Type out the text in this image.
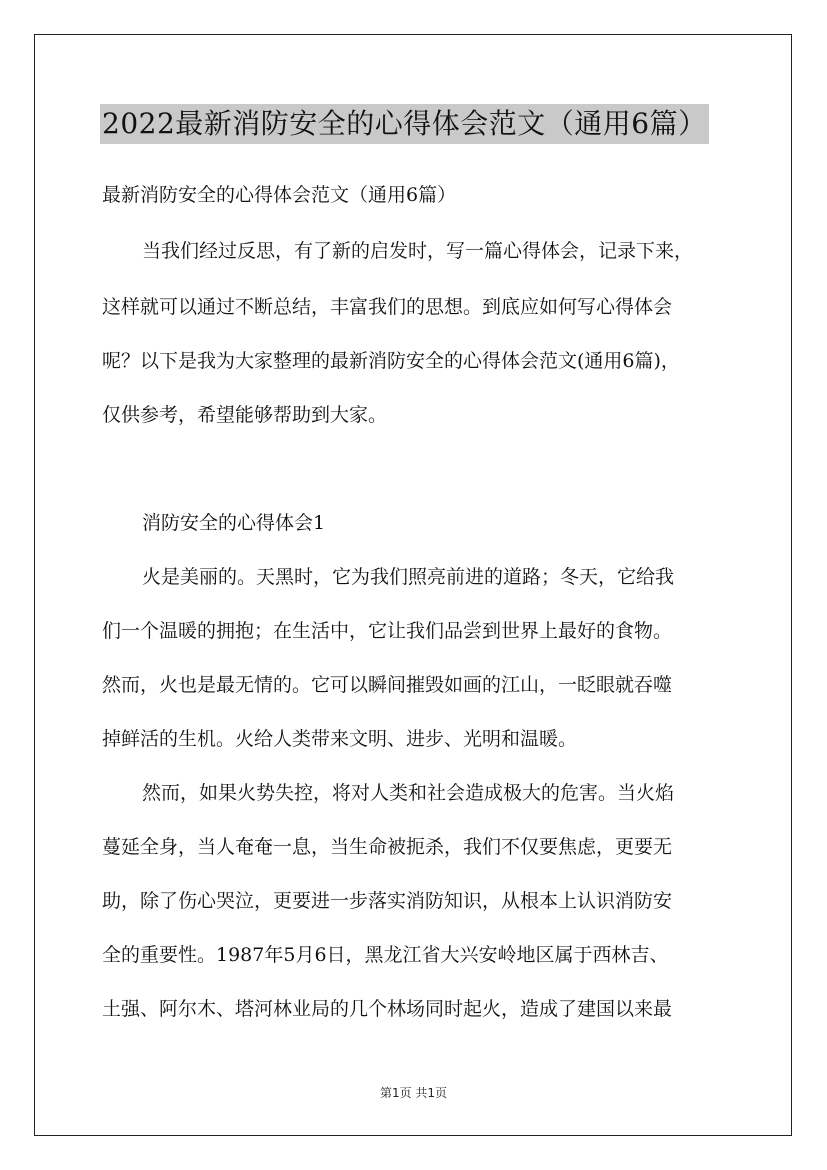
2022最新消防安全的心得体会范文（通用6篇）
最新消防安全的心得体会范文（通用6篇）
当我们经过反思，有了新的启发时，写一篇心得体会，记录下来，
这样就可以通过不断总结，丰富我们的思想。到底应如何写心得体会
呢？以下是我为大家整理的最新消防安全的心得体会范文(通用6篇)，
仅供参考，希望能够帮助到大家。
消防安全的心得体会1
火是美丽的。天黑时，它为我们照亮前进的道路；冬天，它给我
们一个温暖的拥抱；在生活中，它让我们品尝到世界上最好的食物。
然而，火也是最无情的。它可以瞬间摧毁如画的江山，一眨眼就吞噬
掉鲜活的生机。火给人类带来文明、进步、光明和温暖。
然而，如果火势失控，将对人类和社会造成极大的危害。当火焰
蔓延全身，当人奄奄一息，当生命被扼杀，我们不仅要焦虑，更要无
助，除了伤心哭泣，更要进一步落实消防知识，从根本上认识消防安
全的重要性。1987年5月6日，黑龙江省大兴安岭地区属于西林吉、
土强、阿尔木、塔河林业局的几个林场同时起火，造成了建国以来最
第1页 共1页
